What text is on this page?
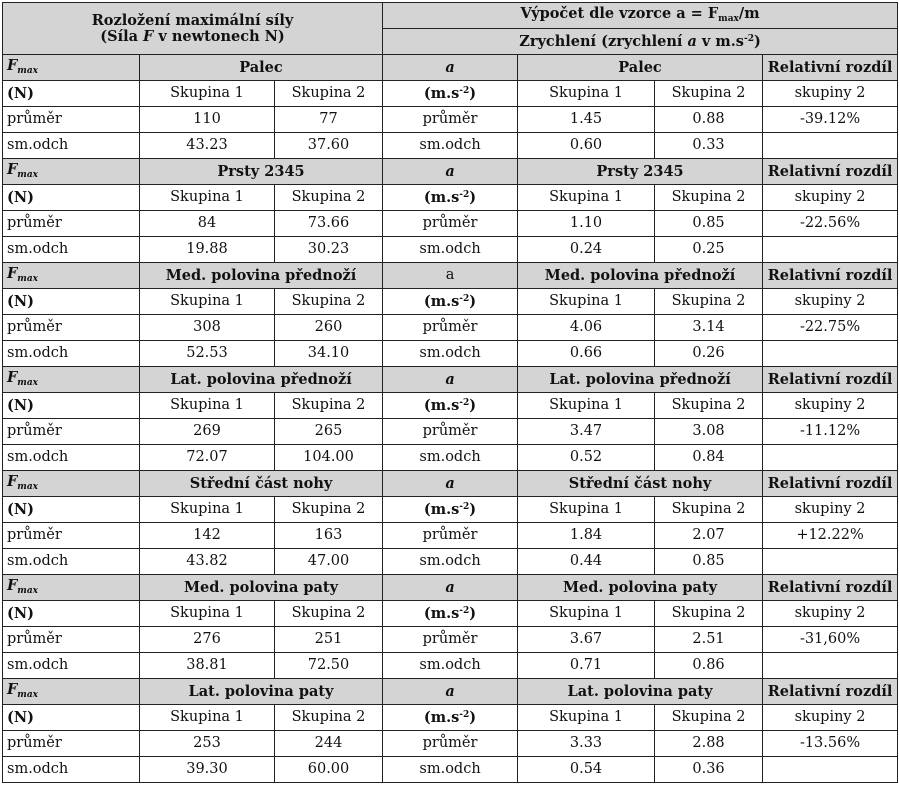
Rozložení maximální síly
(Síla F v newtonech N)			Výpočet dle vzorce $a = F_{max}/m$			
			Zrychlení (zrychlení a v $m.s^{-2}$)			
$F_{max}$	Palec		a	Palec		Relativní rozdíl
(N)	Skupina 1	Skupina 2	$(m.s^{-2})$	Skupina 1	Skupina 2	skupiny 2
průměr	110	77	průměr	1.45	0.88	-39.12%
sm.odch	43.23	37.60	sm.odch	0.60	0.33	
$F_{max}$	Prsty 2345		a	Prsty 2345		Relativní rozdíl
(N)	Skupina 1	Skupina 2	$(m.s^{-2})$	Skupina 1	Skupina 2	skupiny 2
průměr	84	73.66	průměr	1.10	0.85	-22.56%
sm.odch	19.88	30.23	sm.odch	0.24	0.25	
$F_{max}$	Med. polovina přednoží		a	Med. polovina přednoží		Relativní rozdíl
(N)	Skupina 1	Skupina 2	$(m.s^{-2})$	Skupina 1	Skupina 2	skupiny 2
průměr	308	260	průměr	4.06	3.14	-22.75%
sm.odch	52.53	34.10	sm.odch	0.66	0.26	
$F_{max}$	Lat. polovina přednoží		a	Lat. polovina přednoží		Relativní rozdíl
(N)	Skupina 1	Skupina 2	$(m.s^{-2})$	Skupina 1	Skupina 2	skupiny 2
průměr	269	265	průměr	3.47	3.08	-11.12%
sm.odch	72.07	104.00	sm.odch	0.52	0.84	
$F_{max}$	Střední část nohy		a	Střední část nohy		Relativní rozdíl
(N)	Skupina 1	Skupina 2	$(m.s^{-2})$	Skupina 1	Skupina 2	skupiny 2
průměr	142	163	průměr	1.84	2.07	+12.22%
sm.odch	43.82	47.00	sm.odch	0.44	0.85	
$F_{max}$	Med. polovina paty		a	Med. polovina paty		Relativní rozdíl
(N)	Skupina 1	Skupina 2	$(m.s^{-2})$	Skupina 1	Skupina 2	skupiny 2
průměr	276	251	průměr	3.67	2.51	-31,60%
sm.odch	38.81	72.50	sm.odch	0.71	0.86	
$F_{max}$	Lat. polovina paty		a	Lat. polovina paty		Relativní rozdíl
(N)	Skupina 1	Skupina 2	$(m.s^{-2})$	Skupina 1	Skupina 2	skupiny 2
průměr	253	244	průměr	3.33	2.88	-13.56%
sm.odch	39.30	60.00	sm.odch	0.54	0.36	
